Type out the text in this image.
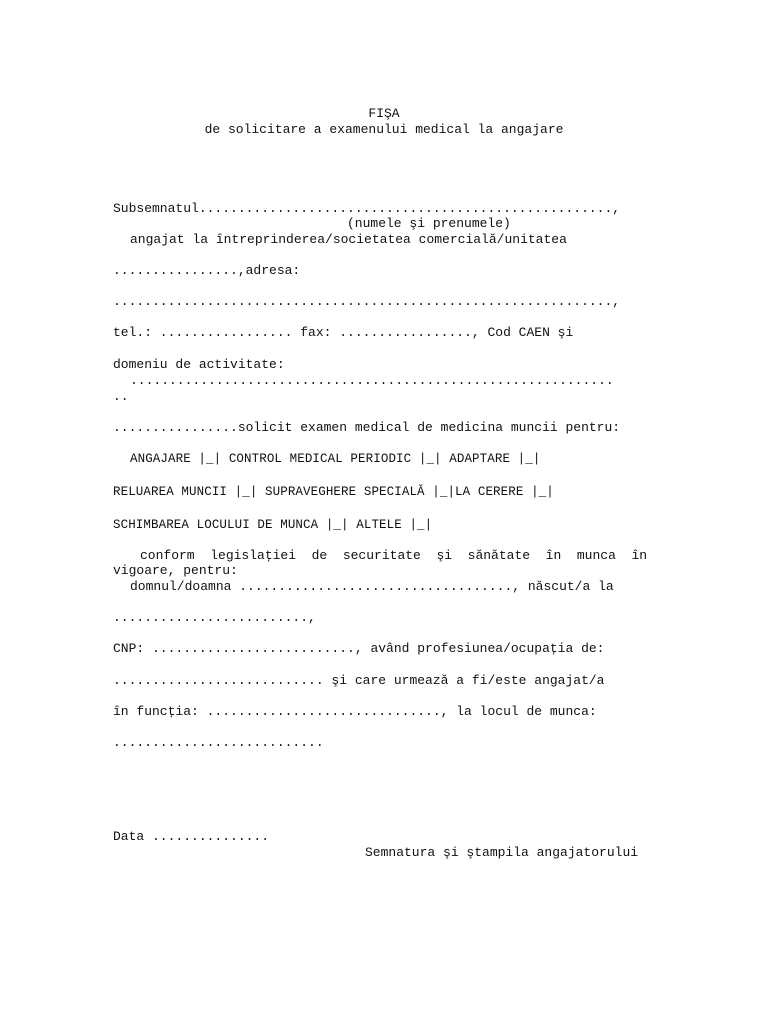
FIŞA
de solicitare a examenului medical la angajare
Subsemnatul.....................................................,
(numele şi prenumele)
angajat la întreprinderea/societatea comercială/unitatea
................,adresa:
................................................................,
tel.: ................. fax: ................., Cod CAEN şi
domeniu de activitate:
..............................................................
..
................solicit examen medical de medicina muncii pentru:
ANGAJARE |_| CONTROL MEDICAL PERIODIC |_| ADAPTARE |_|
RELUAREA MUNCII |_| SUPRAVEGHERE SPECIALĂ |_|LA CERERE |_|
SCHIMBAREA LOCULUI DE MUNCA |_| ALTELE |_|
conform  legislaţiei  de  securitate  şi  sănătate  în  munca  în
vigoare, pentru:
domnul/doamna ..................................., născut/a la
.........................,
CNP: .........................., având profesiunea/ocupaţia de:
........................... şi care urmează a fi/este angajat/a
în funcţia: .............................., la locul de munca:
...........................
Data ...............
Semnatura şi ştampila angajatorului
